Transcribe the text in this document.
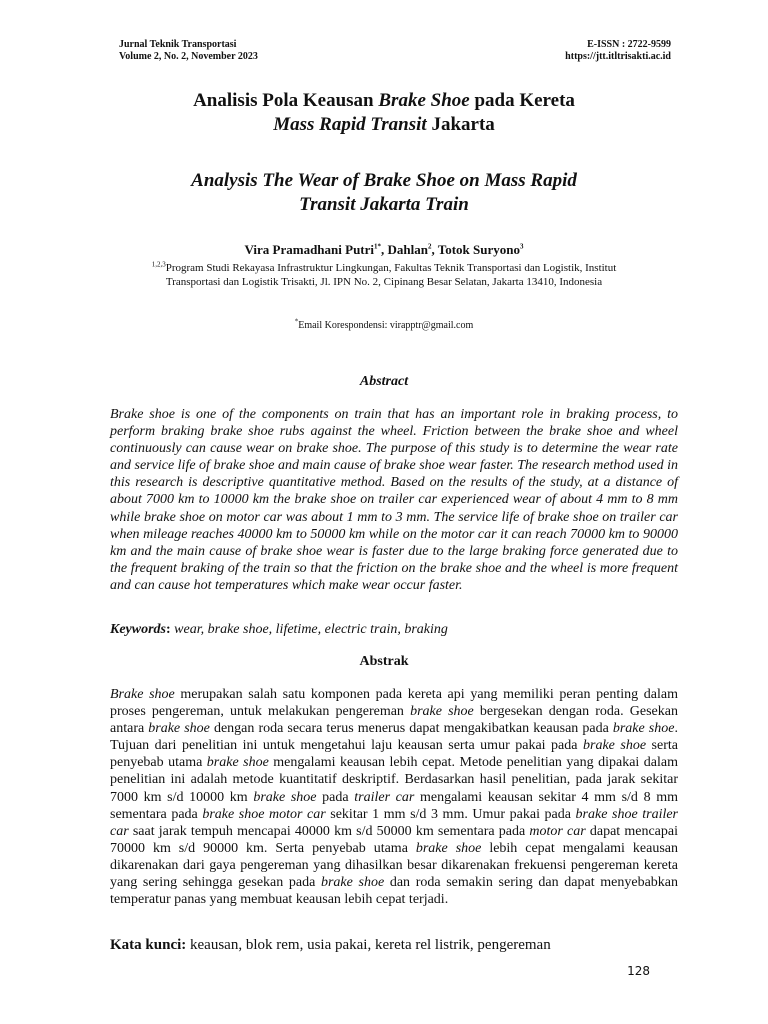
Jurnal Teknik Transportasi
Volume 2, No. 2, November 2023
E-ISSN : 2722-9599
https://jtt.itltrisakti.ac.id
Analisis Pola Keausan Brake Shoe pada Kereta
Mass Rapid Transit Jakarta
Analysis The Wear of Brake Shoe on Mass Rapid
Transit Jakarta Train
Vira Pramadhani Putri$^{1*}$, Dahlan$^2$, Totok Suryono$^3$
$^{1,2,3}$Program Studi Rekayasa Infrastruktur Lingkungan, Fakultas Teknik Transportasi dan Logistik, Institut
Transportasi dan Logistik Trisakti, Jl. IPN No. 2, Cipinang Besar Selatan, Jakarta 13410, Indonesia
*Email Korespondensi: virapptr@gmail.com
Abstract
Brake shoe is one of the components on train that has an important role in braking process, to perform braking brake shoe rubs against the wheel. Friction between the brake shoe and wheel continuously can cause wear on brake shoe. The purpose of this study is to determine the wear rate and service life of brake shoe and main cause of brake shoe wear faster. The research method used in this research is descriptive quantitative method. Based on the results of the study, at a distance of about 7000 km to 10000 km the brake shoe on trailer car experienced wear of about 4 mm to 8 mm while brake shoe on motor car was about 1 mm to 3 mm. The service life of brake shoe on trailer car when mileage reaches 40000 km to 50000 km while on the motor car it can reach 70000 km to 90000 km and the main cause of brake shoe wear is faster due to the large braking force generated due to the frequent braking of the train so that the friction on the brake shoe and the wheel is more frequent and can cause hot temperatures which make wear occur faster.
Keywords: wear, brake shoe, lifetime, electric train, braking
Abstrak
Brake shoe merupakan salah satu komponen pada kereta api yang memiliki peran penting dalam proses pengereman, untuk melakukan pengereman brake shoe bergesekan dengan roda. Gesekan antara brake shoe dengan roda secara terus menerus dapat mengakibatkan keausan pada brake shoe. Tujuan dari penelitian ini untuk mengetahui laju keausan serta umur pakai pada brake shoe serta penyebab utama brake shoe mengalami keausan lebih cepat. Metode penelitian yang dipakai dalam penelitian ini adalah metode kuantitatif deskriptif. Berdasarkan hasil penelitian, pada jarak sekitar 7000 km s/d 10000 km brake shoe pada trailer car mengalami keausan sekitar 4 mm s/d 8 mm sementara pada brake shoe motor car sekitar 1 mm s/d 3 mm. Umur pakai pada brake shoe trailer car saat jarak tempuh mencapai 40000 km s/d 50000 km sementara pada motor car dapat mencapai 70000 km s/d 90000 km. Serta penyebab utama brake shoe lebih cepat mengalami keausan dikarenakan dari gaya pengereman yang dihasilkan besar dikarenakan frekuensi pengereman kereta yang sering sehingga gesekan pada brake shoe dan roda semakin sering dan dapat menyebabkan temperatur panas yang membuat keausan lebih cepat terjadi.
Kata kunci: keausan, blok rem, usia pakai, kereta rel listrik, pengereman
128
